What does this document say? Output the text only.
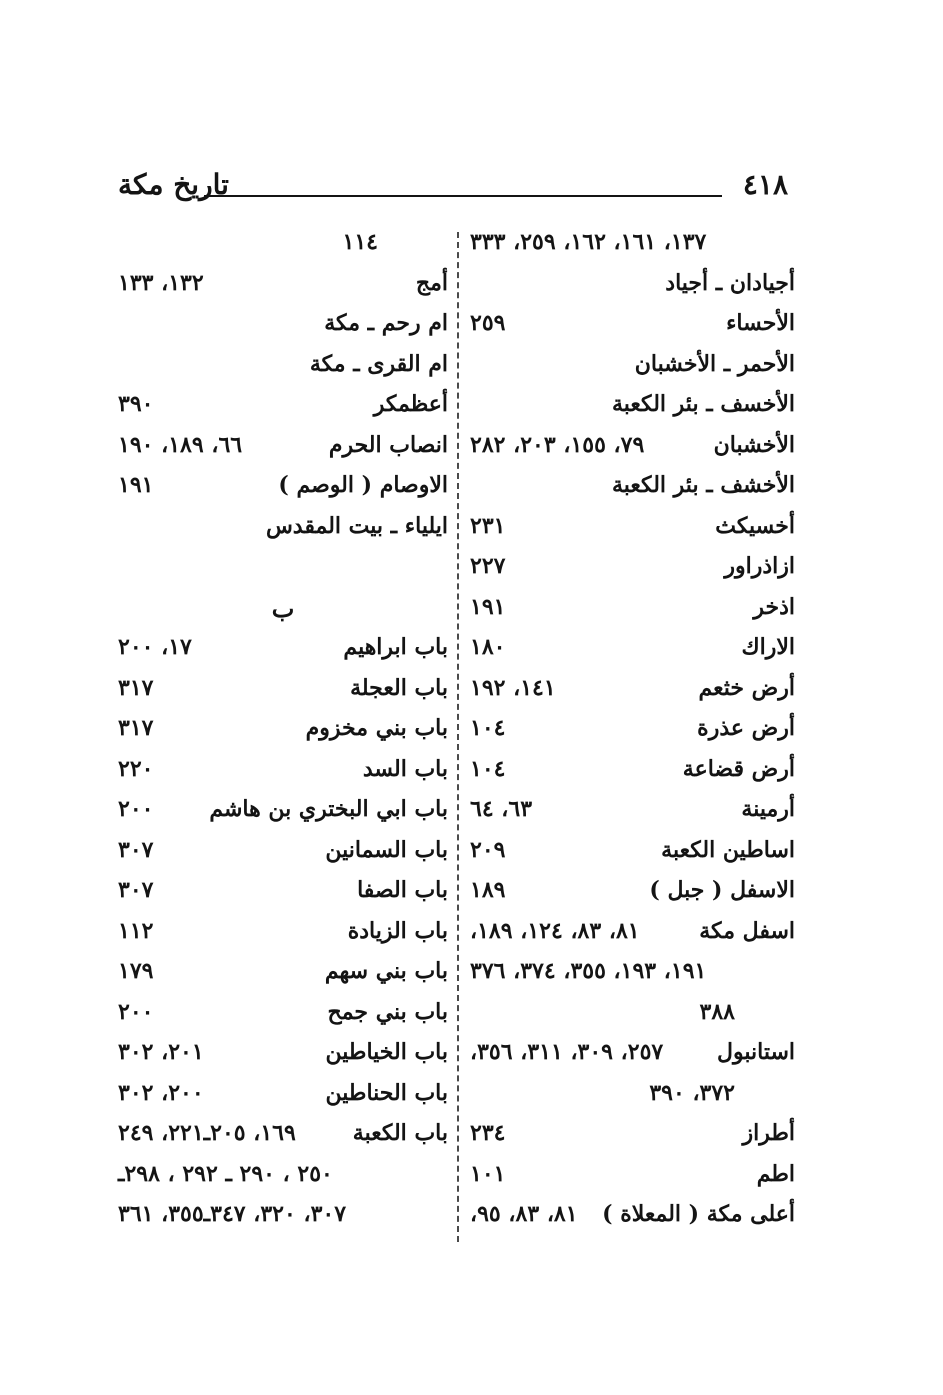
٤١٨
تاريخ مكة
١٣٧، ١٦١، ١٦٢، ٢٥٩، ٣٣٣
أجيادان ـ أجياد
الأحساء
٢٥٩
الأحمر ـ الأخشبان
الأخسف ـ بئر الكعبة
الأخشبان
٧٩، ١٥٥، ٢٠٣، ٢٨٢
الأخشف ـ بئر الكعبة
أخسيكث
٢٣١
ازاذراور
٢٢٧
اذخر
١٩١
الاراك
١٨٠
أرض خثعم
١٤١، ١٩٢
أرض عذرة
١٠٤
أرض قضاعة
١٠٤
أرمينة
٦٣، ٦٤
اساطين الكعبة
٢٠٩
الاسفل ( جبل )
١٨٩
اسفل مكة
٨١، ٨٣، ١٢٤، ١٨٩،
١٩١، ١٩٣، ٣٥٥، ٣٧٤، ٣٧٦
٣٨٨
استانبول
٢٥٧، ٣٠٩، ٣١١، ٣٥٦،
٣٧٢، ٣٩٠
أطراز
٢٣٤
اطم
١٠١
أعلى مكة ( المعلاة )
٨١، ٨٣، ٩٥،
١١٤
أمج
١٣٢، ١٣٣
ام رحم ـ مكة
ام القرى ـ مكة
أعظمكر
٣٩٠
انصاب الحرم
٦٦، ١٨٩، ١٩٠
الاوصام ( الوصم )
١٩١
ايلياء ـ بيت المقدس
ب
باب ابراهيم
١٧، ٢٠٠
باب العجلة
٣١٧
باب بني مخزوم
٣١٧
باب السد
٢٢٠
باب ابي البختري بن هاشم
٢٠٠
باب السمانين
٣٠٧
باب الصفا
٣٠٧
باب الزيادة
١١٢
باب بني سهم
١٧٩
باب بني جمح
٢٠٠
باب الخياطين
٢٠١، ٣٠٢
باب الحناطين
٢٠٠، ٣٠٢
باب الكعبة
١٦٩، ٢٠٥ـ٢٢١، ٢٤٩
٢٥٠ ، ٢٩٠ ـ ٢٩٢ ، ٢٩٨ـ
٣٠٧، ٣٢٠، ٣٤٧ـ٣٥٥، ٣٦١
